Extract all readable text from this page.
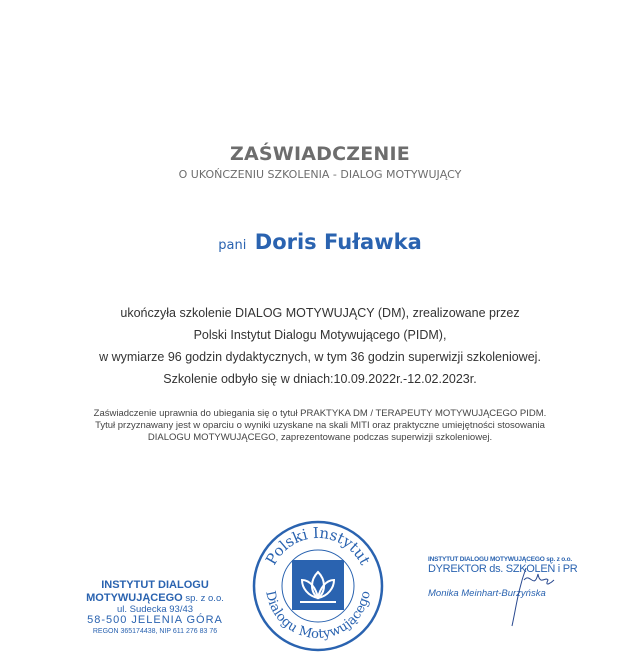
ZAŚWIADCZENIE
O UKOŃCZENIU SZKOLENIA - DIALOG MOTYWUJĄCY
pani Doris Fuławka
ukończyła szkolenie DIALOG MOTYWUJĄCY (DM), zrealizowane przez
Polski Instytut Dialogu Motywującego (PIDM),
w wymiarze 96 godzin dydaktycznych, w tym 36 godzin superwizji szkoleniowej.
Szkolenie odbyło się w dniach:10.09.2022r.-12.02.2023r.
Zaświadczenie uprawnia do ubiegania się o tytuł PRAKTYKA DM / TERAPEUTY MOTYWUJĄCEGO PIDM.
Tytuł przyznawany jest w oparciu o wyniki uzyskane na skali MITI oraz praktyczne umiejętności stosowania
DIALOGU MOTYWUJĄCEGO, zaprezentowane podczas superwizji szkoleniowej.
INSTYTUT DIALOGU
MOTYWUJĄCEGO sp. z o.o.
ul. Sudecka 93/43
58-500 JELENIA GÓRA
REGON 365174438, NIP 611 276 83 76
Polski Instytut
Dialogu Motywującego
INSTYTUT DIALOGU MOTYWUJĄCEGO sp. z o.o.
DYREKTOR ds. SZKOLEŃ i PR
Monika Meinhart-Burzyńska
